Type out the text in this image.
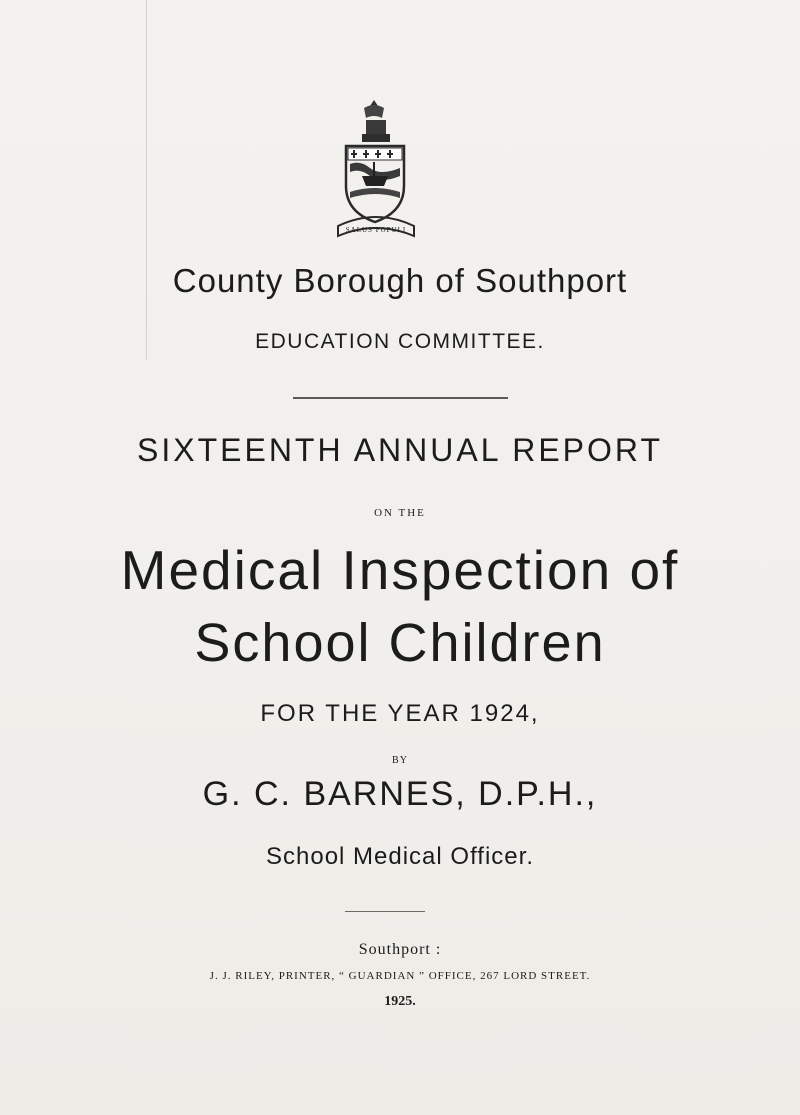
SALUS POPULI
County Borough of Southport
EDUCATION COMMITTEE.
SIXTEENTH ANNUAL REPORT
ON THE
Medical Inspection of
School Children
FOR THE YEAR 1924,
BY
G. C. BARNES, D.P.H.,
School Medical Officer.
Southport :
J. J. RILEY, PRINTER, “ GUARDIAN ” OFFICE, 267 LORD STREET.
1925.
